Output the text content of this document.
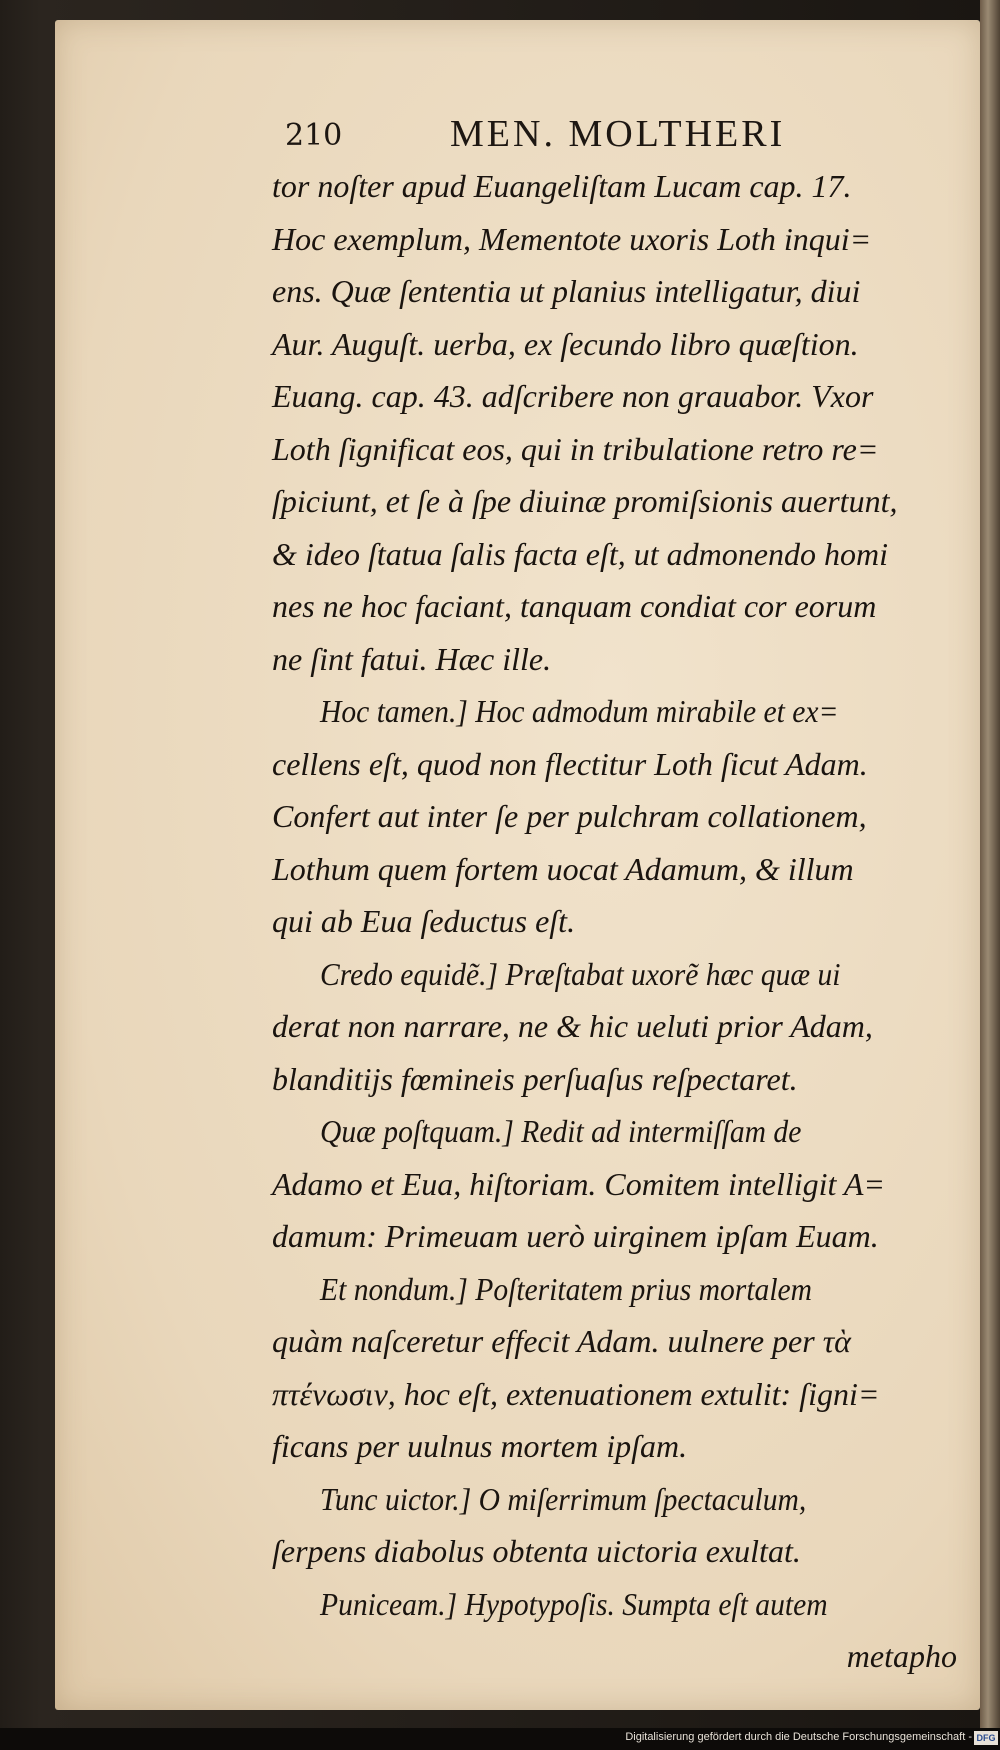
210	MEN. MOLTHERI
tor noſter apud Euangeliſtam Lucam cap. 17.
Hoc exemplum, Mementote uxoris Loth inqui=
ens. Quæ ſententia ut planius intelligatur, diui
Aur. Auguſt. uerba, ex ſecundo libro quæſtion.
Euang. cap. 43. adſcribere non grauabor. Vxor
Loth ſignificat eos, qui in tribulatione retro re=
ſpiciunt, et ſe à ſpe diuinæ promiſsionis auertunt,
& ideo ſtatua ſalis facta eſt, ut admonendo homi
nes ne hoc faciant, tanquam condiat cor eorum
ne ſint fatui. Hæc ille.
Hoc tamen.] Hoc admodum mirabile et ex=
cellens eſt, quod non flectitur Loth ſicut Adam.
Confert aut inter ſe per pulchram collationem,
Lothum quem fortem uocat Adamum, & illum
qui ab Eua ſeductus eſt.
Credo equidẽ.] Præſtabat uxorẽ hæc quæ ui
derat non narrare, ne & hic ueluti prior Adam,
blanditijs fœmineis perſuaſus reſpectaret.
Quæ poſtquam.] Redit ad intermiſſam de
Adamo et Eua, hiſtoriam. Comitem intelligit A=
damum: Primeuam uerò uirginem ipſam Euam.
Et nondum.] Poſteritatem prius mortalem
quàm naſceretur effecit Adam. uulnere per τὰ
πτένωσιν, hoc eſt, extenuationem extulit: ſigni=
ficans per uulnus mortem ipſam.
Tunc uictor.] O miſerrimum ſpectaculum,
ſerpens diabolus obtenta uictoria exultat.
Puniceam.] Hypotypoſis. Sumpta eſt autem
metapho
Digitalisierung gefördert durch die Deutsche Forschungsgemeinschaft - DFG
